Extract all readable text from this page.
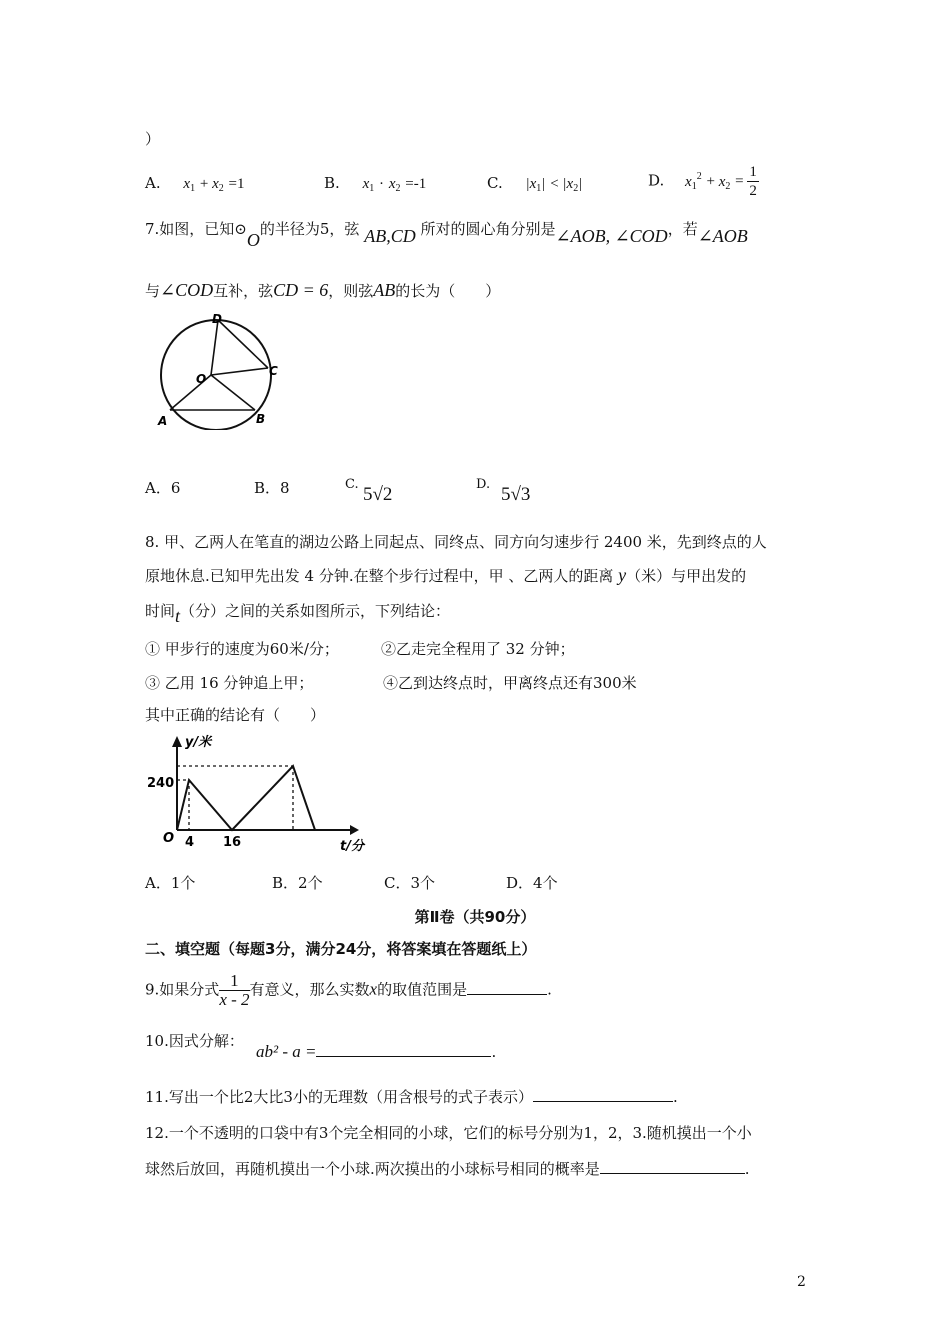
）
A. $x_1 + x_2 =1$	B. $x_1 \cdot x_2 =-1$	C. $|x_1| < |x_2|$	D. $x_1^2 + x_2 = \frac{1}{2}$
7.如图，已知⊙O的半径为5，弦 AB,CD 所对的圆心角分别是∠AOB, ∠COD，若∠AOB
与∠COD互补，弦CD = 6，则弦AB的长为（　　）
D
C
O
A	B
A．6	B．8	C. 5√2	D. 5√3
8. 甲、乙两人在笔直的湖边公路上同起点、同终点、同方向匀速步行 2400 米，先到终点的人
原地休息.已知甲先出发 4 分钟.在整个步行过程中，甲 、乙两人的距离 y（米）与甲出发的
时间t（分）之间的关系如图所示，下列结论：
① 甲步行的速度为60米/分；	②乙走完全程用了 32 分钟；
③ 乙用 16 分钟追上甲；	④乙到达终点时，甲离终点还有300米
其中正确的结论有（　　）
y/米
t/分
240
O 4 16
A．1个	B．2个	C．3个	D．4个
第Ⅱ卷（共90分）
二、填空题（每题3分，满分24分，将答案填在答题纸上）
9.如果分式 $\frac{1}{x - 2}$ 有意义，那么实数x的取值范围是	.
10.因式分解：
ab² - a =	.
11.写出一个比2大比3小的无理数（用含根号的式子表示）	.
12.一个不透明的口袋中有3个完全相同的小球，它们的标号分别为1，2，3.随机摸出一个小
球然后放回，再随机摸出一个小球.两次摸出的小球标号相同的概率是	.
2
